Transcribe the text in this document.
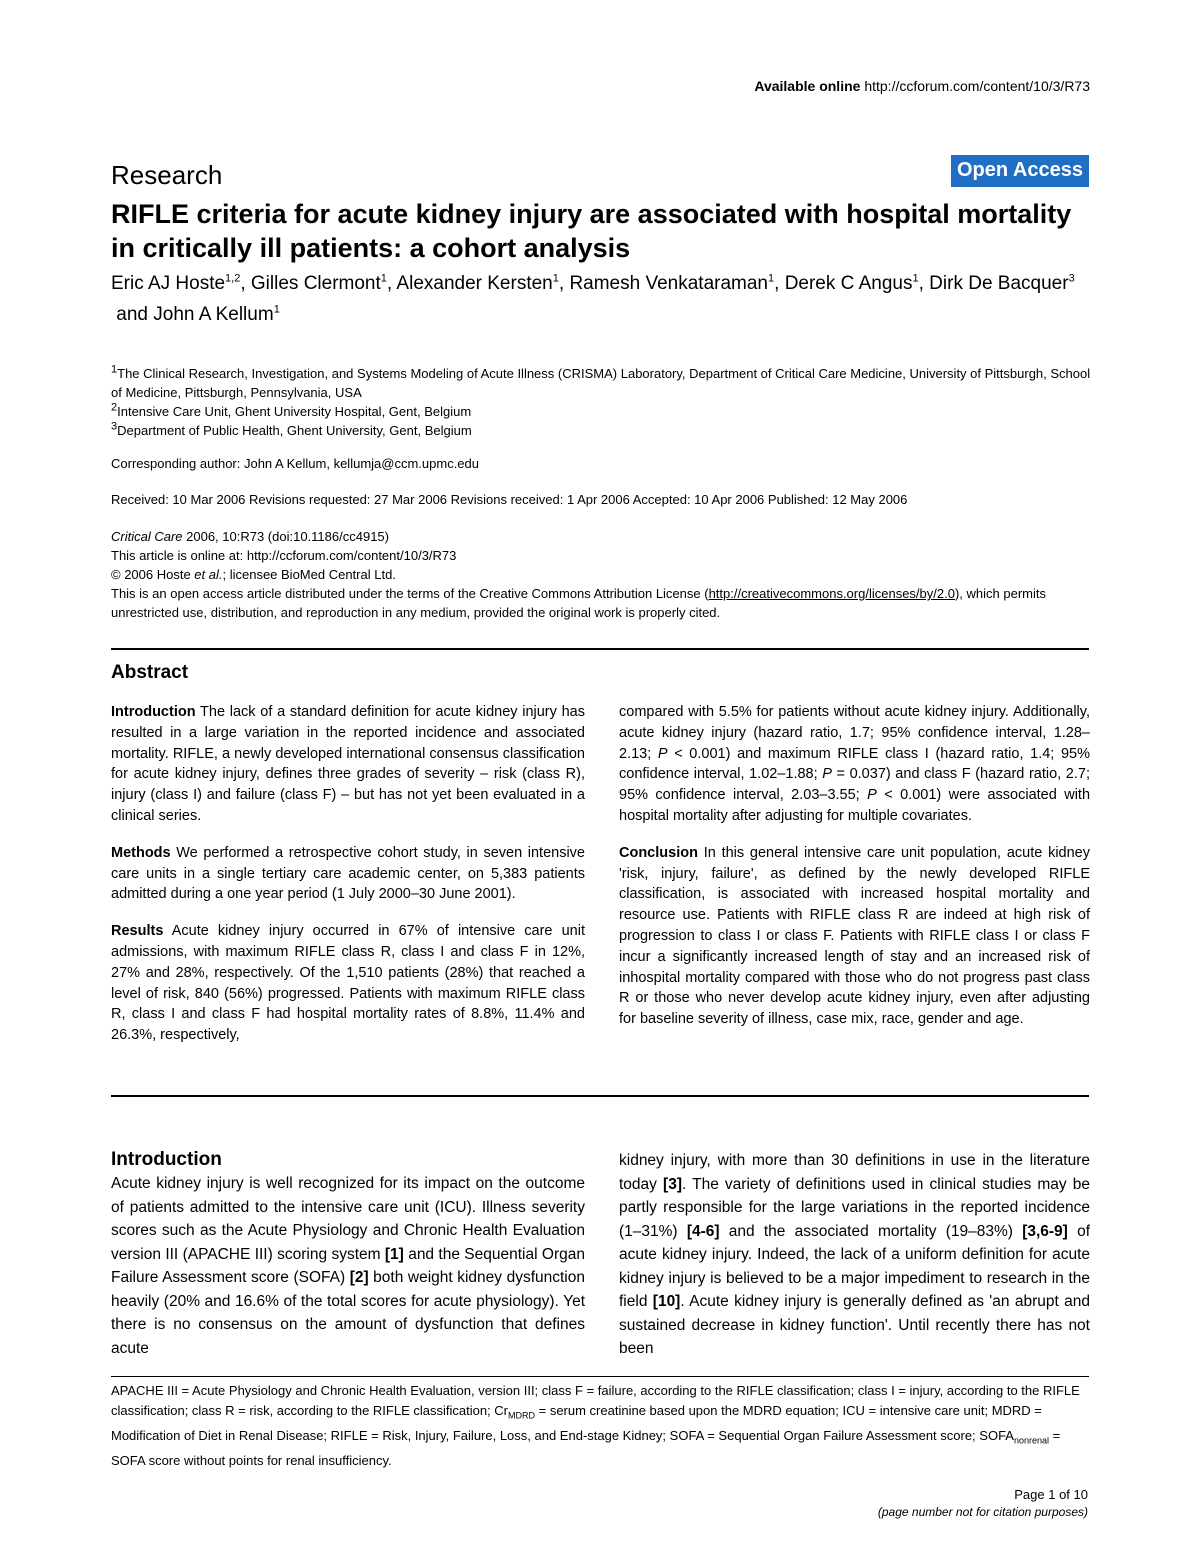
Available online http://ccforum.com/content/10/3/R73
Research	Open Access
RIFLE criteria for acute kidney injury are associated with hospital mortality in critically ill patients: a cohort analysis
Eric AJ Hoste$^{1,2}$, Gilles Clermont$^1$, Alexander Kersten$^1$, Ramesh Venkataraman$^1$, Derek C Angus$^1$, Dirk De Bacquer$^3$ and John A Kellum$^1$
$^1$The Clinical Research, Investigation, and Systems Modeling of Acute Illness (CRISMA) Laboratory, Department of Critical Care Medicine, University of Pittsburgh, School of Medicine, Pittsburgh, Pennsylvania, USA
$^2$Intensive Care Unit, Ghent University Hospital, Gent, Belgium
$^3$Department of Public Health, Ghent University, Gent, Belgium
Corresponding author: John A Kellum, kellumja@ccm.upmc.edu
Received: 10 Mar 2006 Revisions requested: 27 Mar 2006 Revisions received: 1 Apr 2006 Accepted: 10 Apr 2006 Published: 12 May 2006
Critical Care 2006, 10:R73 (doi:10.1186/cc4915)
This article is online at: http://ccforum.com/content/10/3/R73
© 2006 Hoste et al.; licensee BioMed Central Ltd.
This is an open access article distributed under the terms of the Creative Commons Attribution License (http://creativecommons.org/licenses/by/2.0), which permits unrestricted use, distribution, and reproduction in any medium, provided the original work is properly cited.
Abstract

Introduction The lack of a standard definition for acute kidney injury has resulted in a large variation in the reported incidence and associated mortality. RIFLE, a newly developed international consensus classification for acute kidney injury, defines three grades of severity – risk (class R), injury (class I) and failure (class F) – but has not yet been evaluated in a clinical series.

Methods We performed a retrospective cohort study, in seven intensive care units in a single tertiary care academic center, on 5,383 patients admitted during a one year period (1 July 2000–30 June 2001).

Results Acute kidney injury occurred in 67% of intensive care unit admissions, with maximum RIFLE class R, class I and class F in 12%, 27% and 28%, respectively. Of the 1,510 patients (28%) that reached a level of risk, 840 (56%) progressed. Patients with maximum RIFLE class R, class I and class F had hospital mortality rates of 8.8%, 11.4% and 26.3%, respectively,

compared with 5.5% for patients without acute kidney injury. Additionally, acute kidney injury (hazard ratio, 1.7; 95% confidence interval, 1.28–2.13; P < 0.001) and maximum RIFLE class I (hazard ratio, 1.4; 95% confidence interval, 1.02–1.88; P = 0.037) and class F (hazard ratio, 2.7; 95% confidence interval, 2.03–3.55; P < 0.001) were associated with hospital mortality after adjusting for multiple covariates.

Conclusion In this general intensive care unit population, acute kidney 'risk, injury, failure', as defined by the newly developed RIFLE classification, is associated with increased hospital mortality and resource use. Patients with RIFLE class R are indeed at high risk of progression to class I or class F. Patients with RIFLE class I or class F incur a significantly increased length of stay and an increased risk of inhospital mortality compared with those who do not progress past class R or those who never develop acute kidney injury, even after adjusting for baseline severity of illness, case mix, race, gender and age.

Introduction
Acute kidney injury is well recognized for its impact on the outcome of patients admitted to the intensive care unit (ICU). Illness severity scores such as the Acute Physiology and Chronic Health Evaluation version III (APACHE III) scoring system [1] and the Sequential Organ Failure Assessment score (SOFA) [2] both weight kidney dysfunction heavily (20% and 16.6% of the total scores for acute physiology). Yet there is no consensus on the amount of dysfunction that defines acute
kidney injury, with more than 30 definitions in use in the literature today [3]. The variety of definitions used in clinical studies may be partly responsible for the large variations in the reported incidence (1–31%) [4-6] and the associated mortality (19–83%) [3,6-9] of acute kidney injury. Indeed, the lack of a uniform definition for acute kidney injury is believed to be a major impediment to research in the field [10]. Acute kidney injury is generally defined as 'an abrupt and sustained decrease in kidney function'. Until recently there has not been
APACHE III = Acute Physiology and Chronic Health Evaluation, version III; class F = failure, according to the RIFLE classification; class I = injury, according to the RIFLE classification; class R = risk, according to the RIFLE classification; $Cr_{MDRD}$ = serum creatinine based upon the MDRD equation; ICU = intensive care unit; MDRD = Modification of Diet in Renal Disease; RIFLE = Risk, Injury, Failure, Loss, and End-stage Kidney; SOFA = Sequential Organ Failure Assessment score; $SOFA_{nonrenal}$ = SOFA score without points for renal insufficiency.
Page 1 of 10
(page number not for citation purposes)
